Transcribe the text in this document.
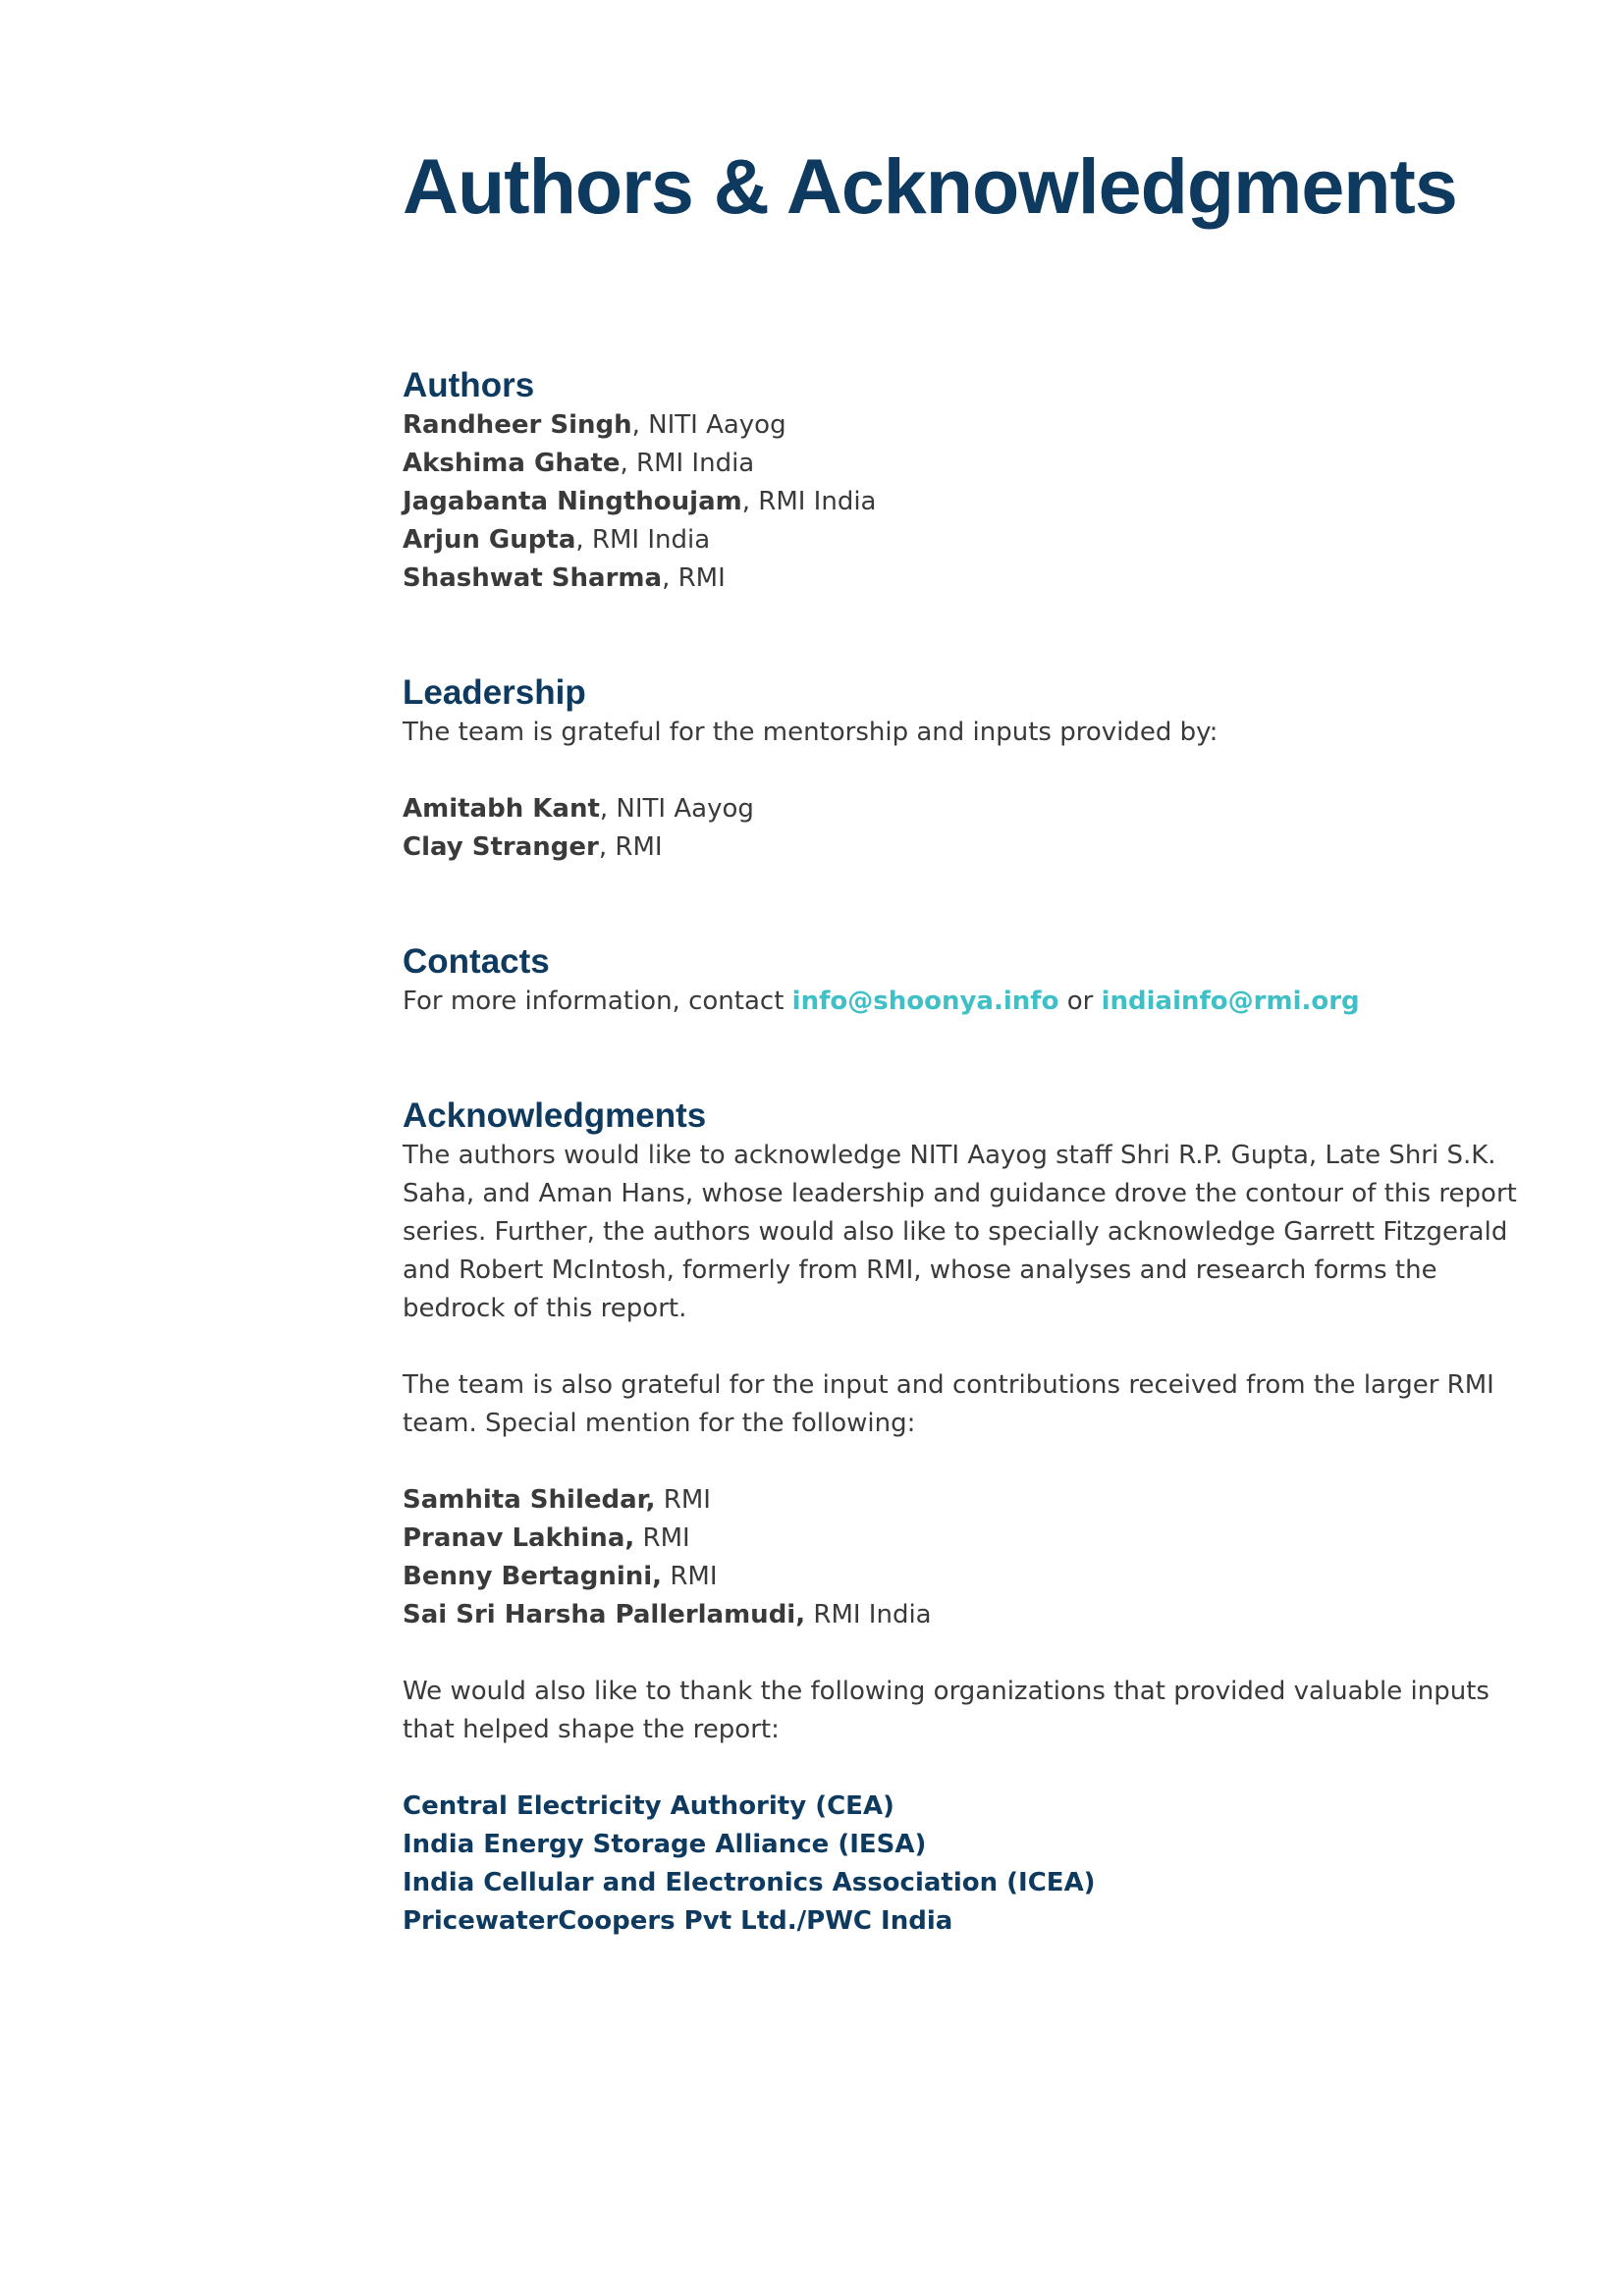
Authors & Acknowledgments
Authors

Randheer Singh, NITI Aayog

Akshima Ghate, RMI India

Jagabanta Ningthoujam, RMI India

Arjun Gupta, RMI India

Shashwat Sharma, RMI

Leadership

The team is grateful for the mentorship and inputs provided by:

Amitabh Kant, NITI Aayog

Clay Stranger, RMI

Contacts

For more information, contact info@shoonya.info or indiainfo@rmi.org

Acknowledgments

The authors would like to acknowledge NITI Aayog staff Shri R.P. Gupta, Late Shri S.K. Saha, and Aman Hans, whose leadership and guidance drove the contour of this report series. Further, the authors would also like to specially acknowledge Garrett Fitzgerald and Robert McIntosh, formerly from RMI, whose analyses and research forms the bedrock of this report.

The team is also grateful for the input and contributions received from the larger RMI team. Special mention for the following:

Samhita Shiledar, RMI

Pranav Lakhina, RMI

Benny Bertagnini, RMI

Sai Sri Harsha Pallerlamudi, RMI India

We would also like to thank the following organizations that provided valuable inputs that helped shape the report:

Central Electricity Authority (CEA)

India Energy Storage Alliance (IESA)

India Cellular and Electronics Association (ICEA)

PricewaterCoopers Pvt Ltd./PWC India
